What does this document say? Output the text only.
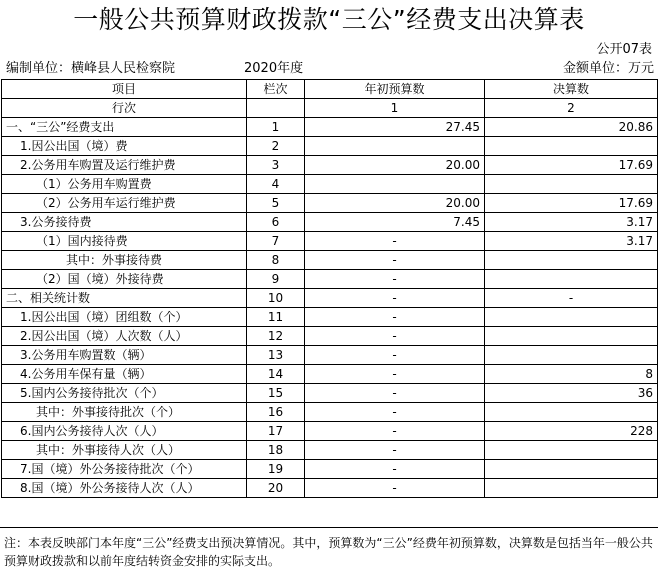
一般公共预算财政拨款“三公”经费支出决算表
公开07表
编制单位：横峰县人民检察院	2020年度	金额单位：万元
项目	栏次	年初预算数	决算数
行次		1	2
一、“三公”经费支出	1	27.45	20.86
1.因公出国（境）费	2		
2.公务用车购置及运行维护费	3	20.00	17.69
（1）公务用车购置费	4		
（2）公务用车运行维护费	5	20.00	17.69
3.公务接待费	6	7.45	3.17
（1）国内接待费	7	-	3.17
其中：外事接待费	8	-	
（2）国（境）外接待费	9	-	
二、相关统计数	10	-	-
1.因公出国（境）团组数（个）	11	-	
2.因公出国（境）人次数（人）	12	-	
3.公务用车购置数（辆）	13	-	
4.公务用车保有量（辆）	14	-	8
5.国内公务接待批次（个）	15	-	36
其中：外事接待批次（个）	16	-	
6.国内公务接待人次（人）	17	-	228
其中：外事接待人次（人）	18	-	
7.国（境）外公务接待批次（个）	19	-	
8.国（境）外公务接待人次（人）	20	-	
注：本表反映部门本年度“三公”经费支出预决算情况。其中，预算数为“三公”经费年初预算数，决算数是包括当年一般公共预算财政拨款和以前年度结转资金安排的实际支出。
